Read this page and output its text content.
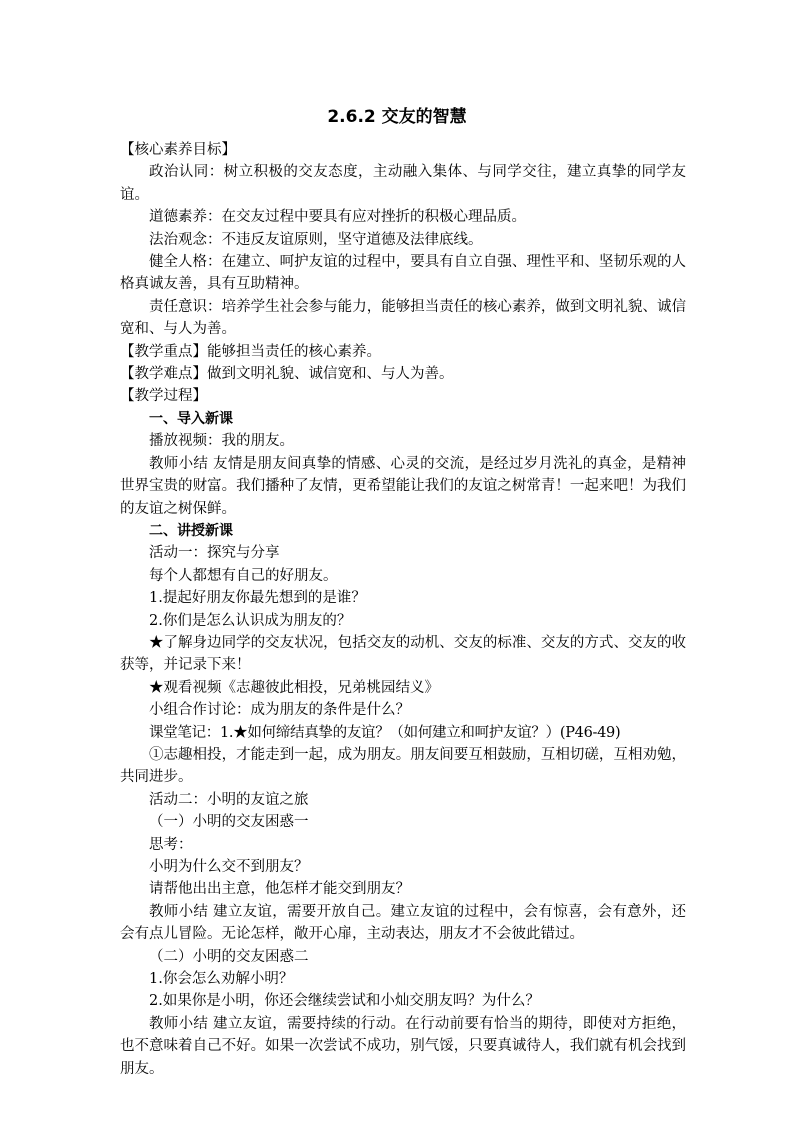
2.6.2 交友的智慧

【核心素养目标】

政治认同：树立积极的交友态度，主动融入集体、与同学交往，建立真挚的同学友谊。

道德素养：在交友过程中要具有应对挫折的积极心理品质。

法治观念：不违反友谊原则，坚守道德及法律底线。

健全人格：在建立、呵护友谊的过程中，要具有自立自强、理性平和、坚韧乐观的人格真诚友善，具有互助精神。

责任意识：培养学生社会参与能力，能够担当责任的核心素养，做到文明礼貌、诚信宽和、与人为善。

【教学重点】能够担当责任的核心素养。

【教学难点】做到文明礼貌、诚信宽和、与人为善。

【教学过程】

一、导入新课

播放视频：我的朋友。

教师小结 友情是朋友间真挚的情感、心灵的交流，是经过岁月洗礼的真金，是精神世界宝贵的财富。我们播种了友情，更希望能让我们的友谊之树常青！一起来吧！为我们的友谊之树保鲜。

二、讲授新课

活动一：探究与分享

每个人都想有自己的好朋友。

1.提起好朋友你最先想到的是谁？

2.你们是怎么认识成为朋友的？

★了解身边同学的交友状况，包括交友的动机、交友的标准、交友的方式、交友的收获等，并记录下来！

★观看视频《志趣彼此相投，兄弟桃园结义》

小组合作讨论：成为朋友的条件是什么？

课堂笔记：1.★如何缔结真挚的友谊？（如何建立和呵护友谊？）(P46-49)

①志趣相投，才能走到一起，成为朋友。朋友间要互相鼓励，互相切磋，互相劝勉，共同进步。

活动二：小明的友谊之旅

（一）小明的交友困惑一

思考：

小明为什么交不到朋友？

请帮他出出主意，他怎样才能交到朋友？

教师小结 建立友谊，需要开放自己。建立友谊的过程中，会有惊喜，会有意外，还会有点儿冒险。无论怎样，敞开心扉，主动表达，朋友才不会彼此错过。

（二）小明的交友困惑二

1.你会怎么劝解小明？

2.如果你是小明，你还会继续尝试和小灿交朋友吗？为什么？

教师小结 建立友谊，需要持续的行动。在行动前要有恰当的期待，即使对方拒绝，也不意味着自己不好。如果一次尝试不成功，别气馁，只要真诚待人，我们就有机会找到朋友。
